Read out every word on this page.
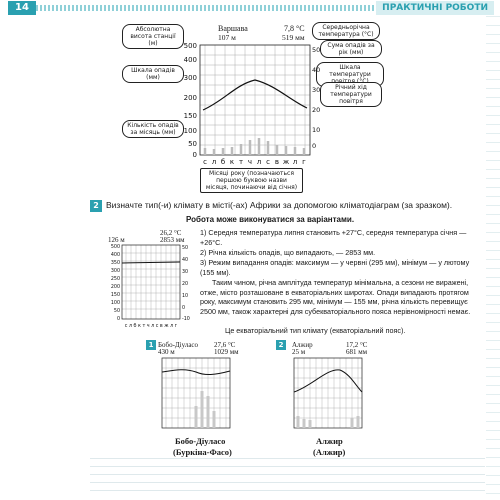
14	ПРАКТИЧНІ РОБОТИ
Абсолютна висота станції (м)
Шкала опадів (мм)
Кількість опадів за місяць (мм)
Середньорічна температура (°С)
Сума опадів за рік (мм)
Шкала температури
Річний хід температури повітря
Місяці року (позначаються першою буквою назви місяця, починаючи від січня)
Варшава
107 м
7,8 °С
519 мм
500
400
300
200
150
100
50
0
50
40
30
20
10
0
с л б к т ч л с в ж л г
2 Визначте тип(-и) клімату в місті(-ах) Африки за допомогою кліматодіаграм (за зразком).
Робота може виконуватися за варіантами.
126 м
26,2 °С
2853 мм
500
400
350
300
250
200
150
100
50
0
50
40
30
20
10
0
-10
с л б к т ч л с в ж л г
1) Середня температура липня становить +27°С, середня температура січня — +26°С.
2) Річна кількість опадів, що випадають, — 2853 мм.
3) Режим випадання опадів: максимум — у червні (295 мм), мінімум — у лютому (155 мм).
Таким чином, річна амплітуда температур мінімальна, а сезони не виражені, отже, місто розташоване в екваторіальних широтах. Опади випадають протягом року, максимум становить 295 мм, мінімум — 155 мм, річна кількість перевищує 2500 мм, також характерні для субекваторіального пояса нерівномірності немає.
Це екваторіальний тип клімату (екваторіальний пояс).
1 Бобо-Діуласо
430 м
27,6 °С
1029 мм
Бобо-Діуласо
(Буркіна-Фасо)
2	Алжир
25 м
17,2 °С
681 мм
Алжир
(Алжир)
